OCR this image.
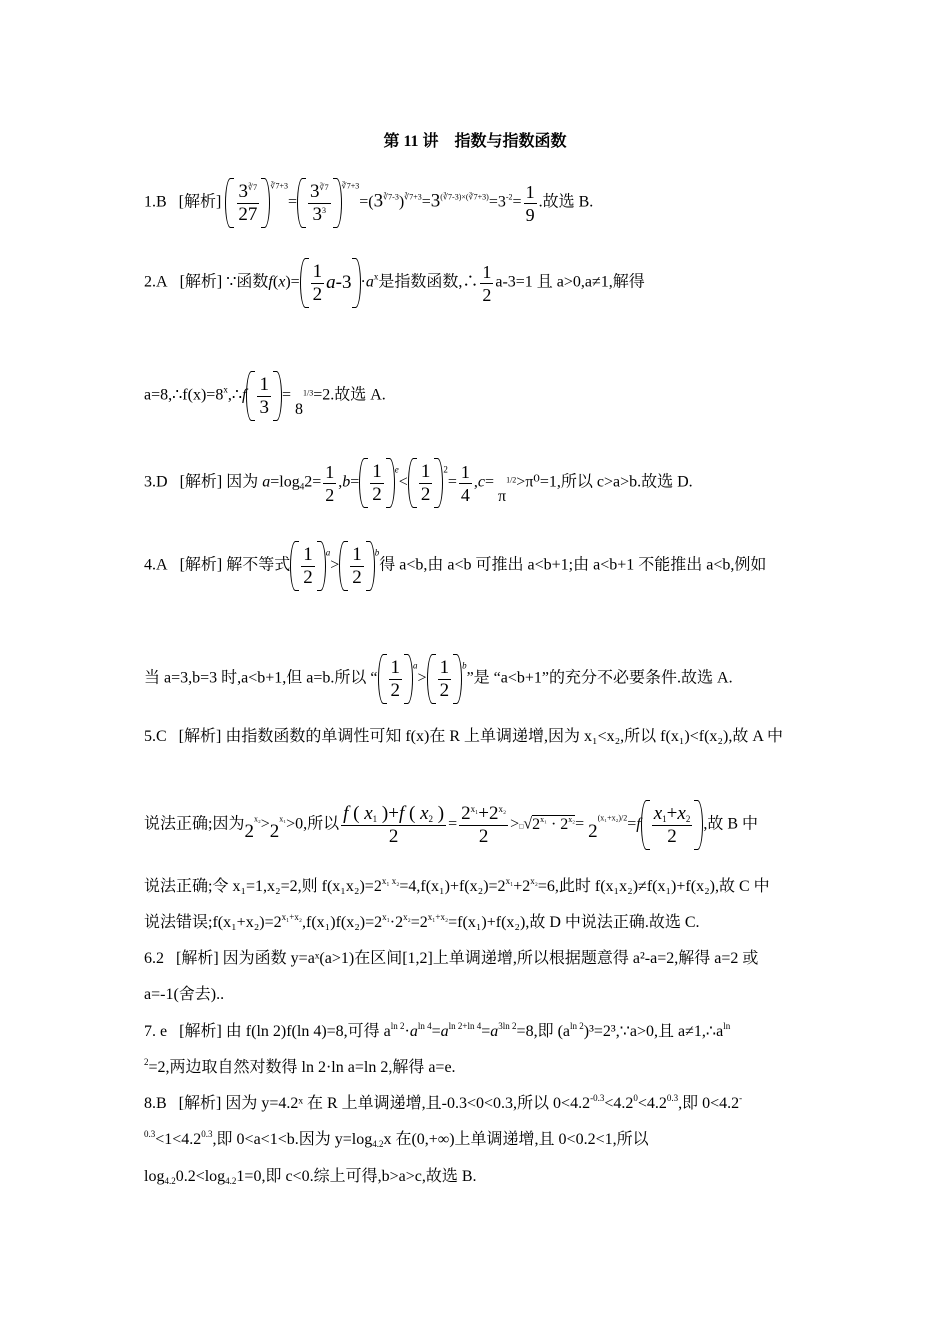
第 11 讲　指数与指数函数
1.B [解析] $\frac{3^{∛7}}{27} ^{∛7+3}= \frac{3^{∛7}}{3^3} ^{∛7+3}=(3^{∛7-3})^{∛7+3}=3^{(∛7-3)\times(∛7+3)}=3^{-2}= \frac{1}{9}$ .故选 B.
2.A [解析] ∵函数$f(x)= \frac{1}{2} a-3 \cdot a^x$是指数函数,∴ $\frac{1}{2} a-3=1$ 且 a>0,a≠1,解得
$a=8,\therefore f(x)=8^x,\therefore f \frac{1}{3} = 8^{1/3}=2$.故选 A.
3.D [解析] 因为 $a=\log_42= \frac{1}{2} ,b= \frac{1}{2} ^e< \frac{1}{2} ^2= \frac{1}{4} ,c= \pi^{1/2}>\pi^0=1$,所以 c>a>b.故选 D.
4.A [解析] 解不等式 $\frac{1}{2} ^a> \frac{1}{2} ^b$得 a<b,由 a<b 可推出 a<b+1;由 a<b+1 不能推出 a<b,例如
当 a=3,b=3 时,a<b+1,但 a=b.所以 “ $\frac{1}{2} ^a> \frac{1}{2} ^b$”是 “a<b+1”的充分不必要条件.故选 A.
5.C [解析] 由指数函数的单调性可知 f(x)在 R 上单调递增,因为 x₁<x₂,所以 f(x₁)<f(x₂),故 A 中
说法正确;因为$2^{x_2}>2^{x_1}>0$,所以 $\frac{f ( x_1 )+f ( x_2 )}{2} = \frac{2^{x_1}+2^{x_2}}{2}$ $>□√2^{x_1} \cdot 2^{x_2}= 2^{(x_1+x_2)/2}=f \frac{x_1+x_2}{2}$ ,故 B 中
说法正确;令 x₁=1,x₂=2,则 $f(x_1x_2)=2^{x_1 x_2}=4,f(x_1)+f(x_2)=2^{x_1}+2^{x_2}=6$,此时 f(x₁x₂)≠f(x₁)+f(x₂),故 C 中
说法错误$;f(x_1+x_2)=2^{x_1+x_2},f(x_1)f(x_2)=2^{x_1}\cdot 2^{x_2}=2^{x_1+x_2}=f(x_1)+f(x_2)$,故 D 中说法正确.故选 C.
6.2 [解析] 因为函数 y=aˣ(a>1)在区间[1,2]上单调递增,所以根据题意得 a²-a=2,解得 a=2 或
a=-1(舍去)..
7. e [解析] 由 f(ln 2)f(ln 4)=8,可得 $a^{ln 2}\cdot a^{ln 4}=a^{ln 2+ln 4}=a^{3ln 2}=8$,即 $(a^{ln 2})^3=2^3,\because a>0$,且 $a\ne 1,\therefore a^{ln}$
$^2$=2,两边取自然对数得 ln 2·ln a=ln 2,解得 a=e.
8.B [解析] 因为 y=4.2ˣ 在 R 上单调递增,且-0.3<0<0.3,所以 $0<4.2^{-0.3}<4.2^0<4.2^{0.3}$,即 0<4.2-
$^{0.3}<1<4.2^{0.3}$,即 0<a<1<b.因为 $y=\log_{4.2}x$ 在(0,+∞)上单调递增,且 0<0.2<1,所以
$\log_{4.2}0.2<\log_{4.2}1=0$,即 c<0.综上可得,b>a>c,故选 B.
